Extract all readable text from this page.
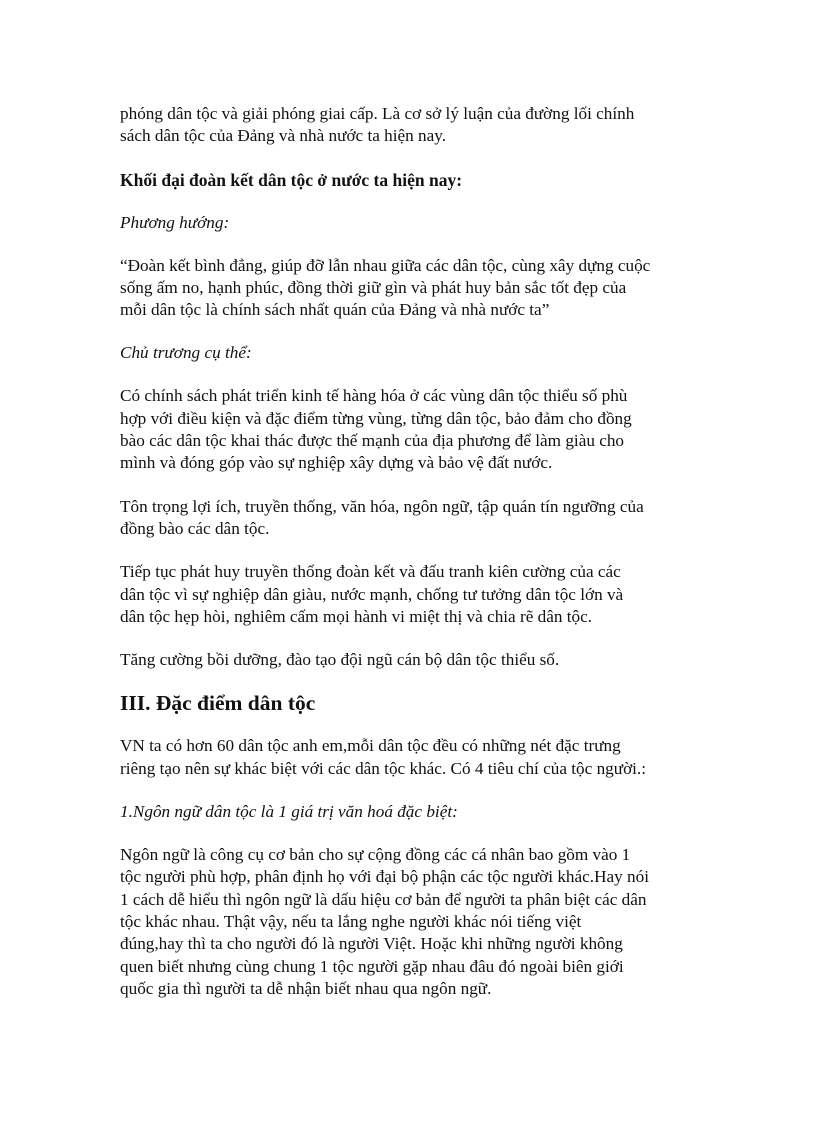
phóng dân tộc và giải phóng giai cấp. Là cơ sở lý luận của đường lối chính
sách dân tộc của Đảng và nhà nước ta hiện nay.

Khối đại đoàn kết dân tộc ở nước ta hiện nay:

Phương hướng:

“Đoàn kết bình đẳng, giúp đỡ lẫn nhau giữa các dân tộc, cùng xây dựng cuộc
sống ấm no, hạnh phúc, đồng thời giữ gìn và phát huy bản sắc tốt đẹp của
mỗi dân tộc là chính sách nhất quán của Đảng và nhà nước ta”

Chủ trương cụ thể:

Có chính sách phát triển kinh tế hàng hóa ở các vùng dân tộc thiểu số phù
hợp với điều kiện và đặc điểm từng vùng, từng dân tộc, bảo đảm cho đồng
bào các dân tộc khai thác được thế mạnh của địa phương để làm giàu cho
mình và đóng góp vào sự nghiệp xây dựng và bảo vệ đất nước.

Tôn trọng lợi ích, truyền thống, văn hóa, ngôn ngữ, tập quán tín ngưỡng của
đồng bào các dân tộc.

Tiếp tục phát huy truyền thống đoàn kết và đấu tranh kiên cường của các
dân tộc vì sự nghiệp dân giàu, nước mạnh, chống tư tưởng dân tộc lớn và
dân tộc hẹp hòi, nghiêm cấm mọi hành vi miệt thị và chia rẽ dân tộc.

Tăng cường bồi dưỡng, đào tạo đội ngũ cán bộ dân tộc thiểu số.

III. Đặc điểm dân tộc

VN ta có hơn 60 dân tộc anh em,mỗi dân tộc đều có những nét đặc trưng
riêng tạo nên sự khác biệt với các dân tộc khác. Có 4 tiêu chí của tộc người.:

1.Ngôn ngữ dân tộc là 1 giá trị văn hoá đặc biệt:

Ngôn ngữ là công cụ cơ bản cho sự cộng đồng các cá nhân bao gồm vào 1
tộc người phù hợp, phân định họ với đại bộ phận các tộc người khác.Hay nói
1 cách dễ hiểu thì ngôn ngữ là dấu hiệu cơ bản để người ta phân biệt các dân
tộc khác nhau. Thật vậy, nếu ta lắng nghe người khác nói tiếng việt
đúng,hay thì ta cho người đó là người Việt. Hoặc khi những người không
quen biết nhưng cùng chung 1 tộc người gặp nhau đâu đó ngoài biên giới
quốc gia thì người ta dễ nhận biết nhau qua ngôn ngữ.
